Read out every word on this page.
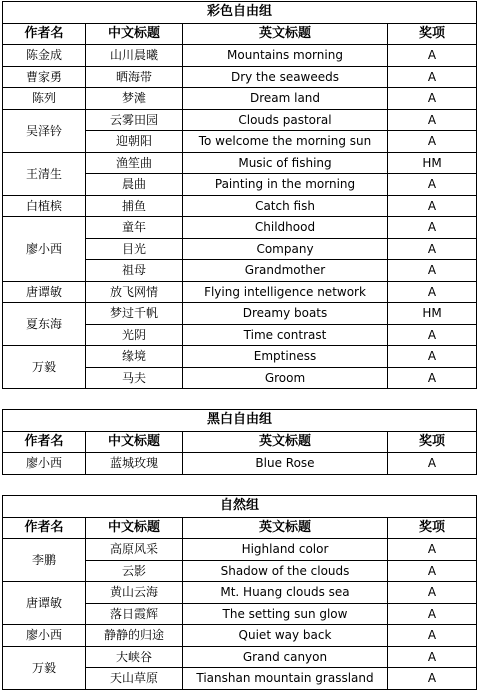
彩色自由组			
作者名	中文标题	英文标题	奖项
陈金成	山川晨曦	Mountains morning	A
曹家勇	晒海带	Dry the seaweeds	A
陈列	梦滩	Dream land	A
吴泽钤	云雾田园	Clouds pastoral	A
	迎朝阳	To welcome the morning sun	A
王清生	渔笙曲	Music of fishing	HM
	晨曲	Painting in the morning	A
白植槟	捕鱼	Catch fish	A
廖小西	童年	Childhood	A
	目光	Company	A
	祖母	Grandmother	A
唐谭敏	放飞网情	Flying intelligence network	A
夏东海	梦过千帆	Dreamy boats	HM
	光阴	Time contrast	A
万毅	缘境	Emptiness	A
	马夫	Groom	A
黑白自由组			
作者名	中文标题	英文标题	奖项
廖小西	蓝城玫瑰	Blue Rose	A
自然组			
作者名	中文标题	英文标题	奖项
李鹏	高原风采	Highland color	A
	云影	Shadow of the clouds	A
唐谭敏	黄山云海	Mt. Huang clouds sea	A
	落日霞辉	The setting sun glow	A
廖小西	静静的归途	Quiet way back	A
万毅	大峡谷	Grand canyon	A
	天山草原	Tianshan mountain grassland	A
